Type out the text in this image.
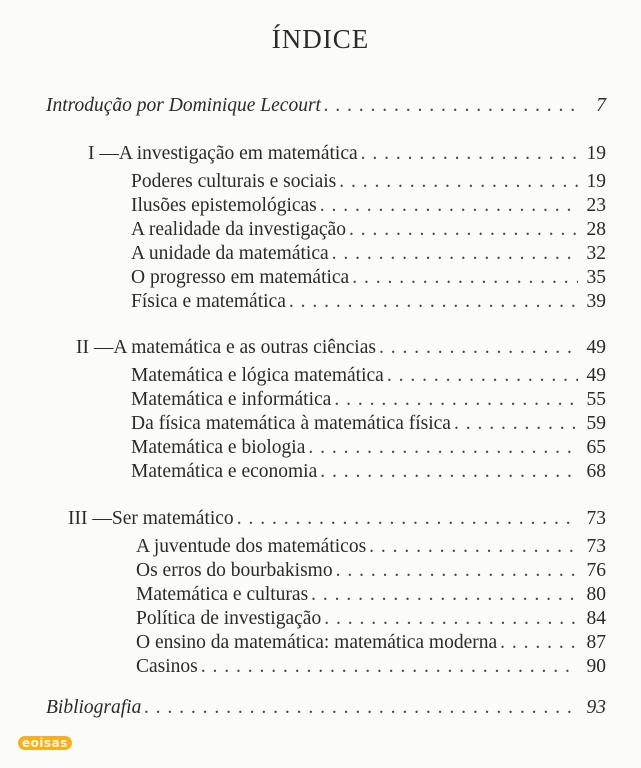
ÍNDICE
Introdução por Dominique Lecourt . . .	7
I — A investigação em matemática . . .	19
Poderes culturais e sociais . . .	19
Ilusões epistemológicas . . .	23
A realidade da investigação . . .	28
A unidade da matemática . . .	32
O progresso em matemática . . .	35
Física e matemática . . .	39
II — A matemática e as outras ciências . . .	49
Matemática e lógica matemática . . .	49
Matemática e informática . . .	55
Da física matemática à matemática física . . .	59
Matemática e biologia . . .	65
Matemática e economia . . .	68
III — Ser matemático . . .	73
A juventude dos matemáticos . . .	73
Os erros do bourbakismo . . .	76
Matemática e culturas . . .	80
Política de investigação . . .	84
O ensino da matemática: matemática moderna . . .	87
Casinos . . .	90
Bibliografia . . .	93
eoisas
